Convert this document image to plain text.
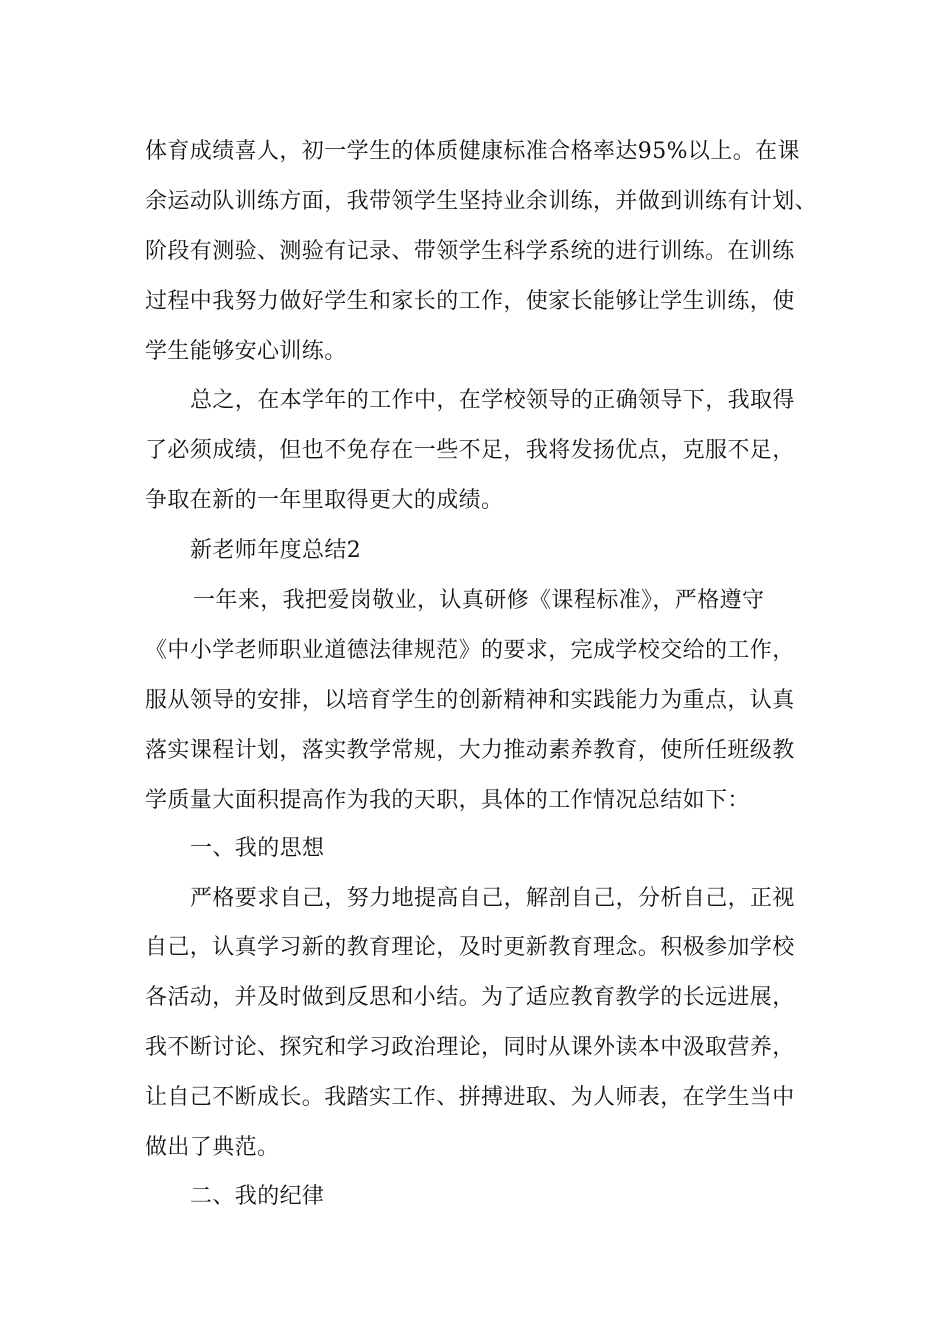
体育成绩喜人，初一学生的体质健康标准合格率达95%以上。在课
余运动队训练方面，我带领学生坚持业余训练，并做到训练有计划、
阶段有测验、测验有记录、带领学生科学系统的进行训练。在训练
过程中我努力做好学生和家长的工作，使家长能够让学生训练，使
学生能够安心训练。
总之，在本学年的工作中，在学校领导的正确领导下，我取得
了必须成绩，但也不免存在一些不足，我将发扬优点，克服不足，
争取在新的一年里取得更大的成绩。
新老师年度总结2
一年来，我把爱岗敬业，认真研修《课程标准》，严格遵守
《中小学老师职业道德法律规范》的要求，完成学校交给的工作，
服从领导的安排，以培育学生的创新精神和实践能力为重点，认真
落实课程计划，落实教学常规，大力推动素养教育，使所任班级教
学质量大面积提高作为我的天职，具体的工作情况总结如下：
一、我的思想
严格要求自己，努力地提高自己，解剖自己，分析自己，正视
自己，认真学习新的教育理论，及时更新教育理念。积极参加学校
各活动，并及时做到反思和小结。为了适应教育教学的长远进展，
我不断讨论、探究和学习政治理论，同时从课外读本中汲取营养，
让自己不断成长。我踏实工作、拼搏进取、为人师表，在学生当中
做出了典范。
二、我的纪律
